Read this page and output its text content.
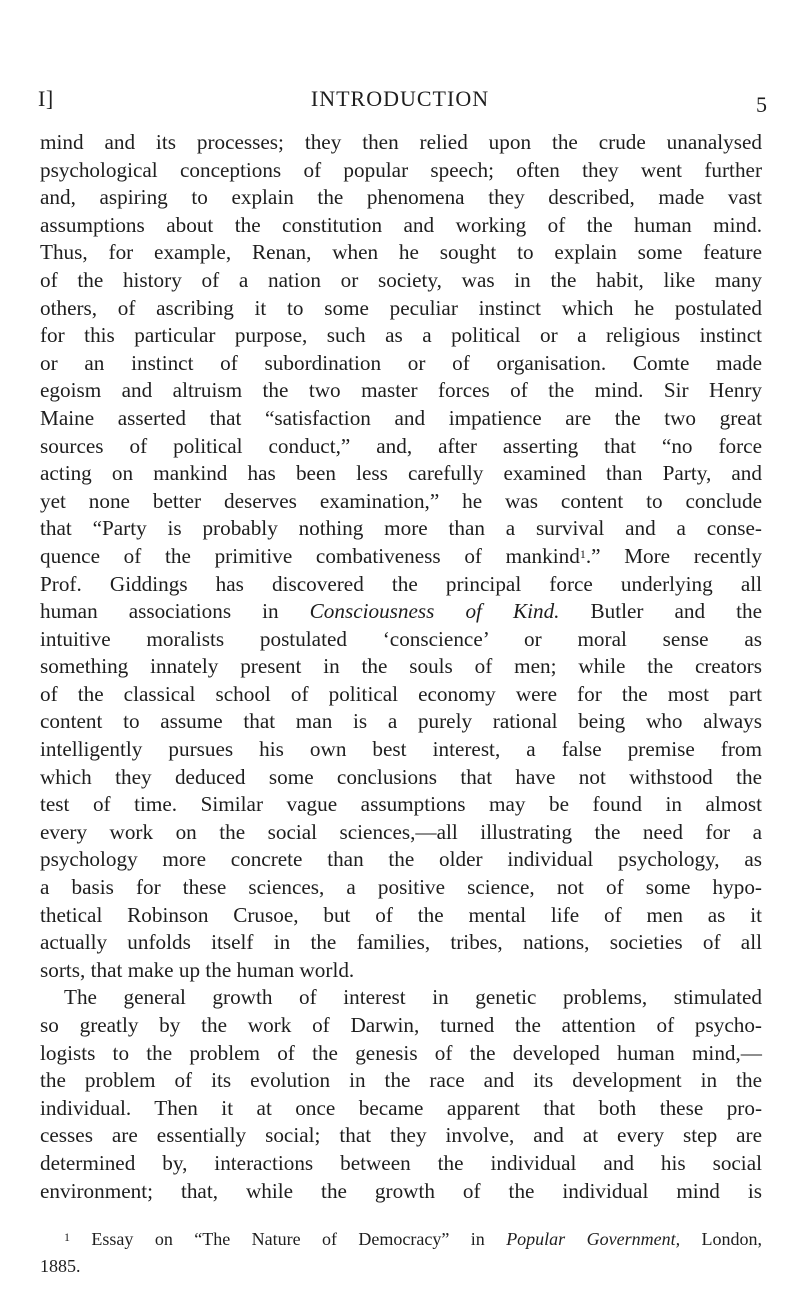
I]	INTRODUCTION	5
mind and its processes; they then relied upon the crude unanalysed
psychological conceptions of popular speech; often they went further
and, aspiring to explain the phenomena they described, made vast
assumptions about the constitution and working of the human mind.
Thus, for example, Renan, when he sought to explain some feature
of the history of a nation or society, was in the habit, like many
others, of ascribing it to some peculiar instinct which he postulated
for this particular purpose, such as a political or a religious instinct
or an instinct of subordination or of organisation. Comte made
egoism and altruism the two master forces of the mind. Sir Henry
Maine asserted that “satisfaction and impatience are the two great
sources of political conduct,” and, after asserting that “no force
acting on mankind has been less carefully examined than Party, and
yet none better deserves examination,” he was content to conclude
that “Party is probably nothing more than a survival and a conse-
quence of the primitive combativeness of mankind$^1$.” More recently
Prof. Giddings has discovered the principal force underlying all
human associations in Consciousness of Kind. Butler and the
intuitive moralists postulated ‘conscience’ or moral sense as
something innately present in the souls of men; while the creators
of the classical school of political economy were for the most part
content to assume that man is a purely rational being who always
intelligently pursues his own best interest, a false premise from
which they deduced some conclusions that have not withstood the
test of time. Similar vague assumptions may be found in almost
every work on the social sciences,—all illustrating the need for a
psychology more concrete than the older individual psychology, as
a basis for these sciences, a positive science, not of some hypo-
thetical Robinson Crusoe, but of the mental life of men as it
actually unfolds itself in the families, tribes, nations, societies of all
sorts, that make up the human world.
The general growth of interest in genetic problems, stimulated
so greatly by the work of Darwin, turned the attention of psycho-
logists to the problem of the genesis of the developed human mind,—
the problem of its evolution in the race and its development in the
individual. Then it at once became apparent that both these pro-
cesses are essentially social; that they involve, and at every step are
determined by, interactions between the individual and his social
environment; that, while the growth of the individual mind is
$^1$ Essay on “The Nature of Democracy” in Popular Government, London,
1885.
